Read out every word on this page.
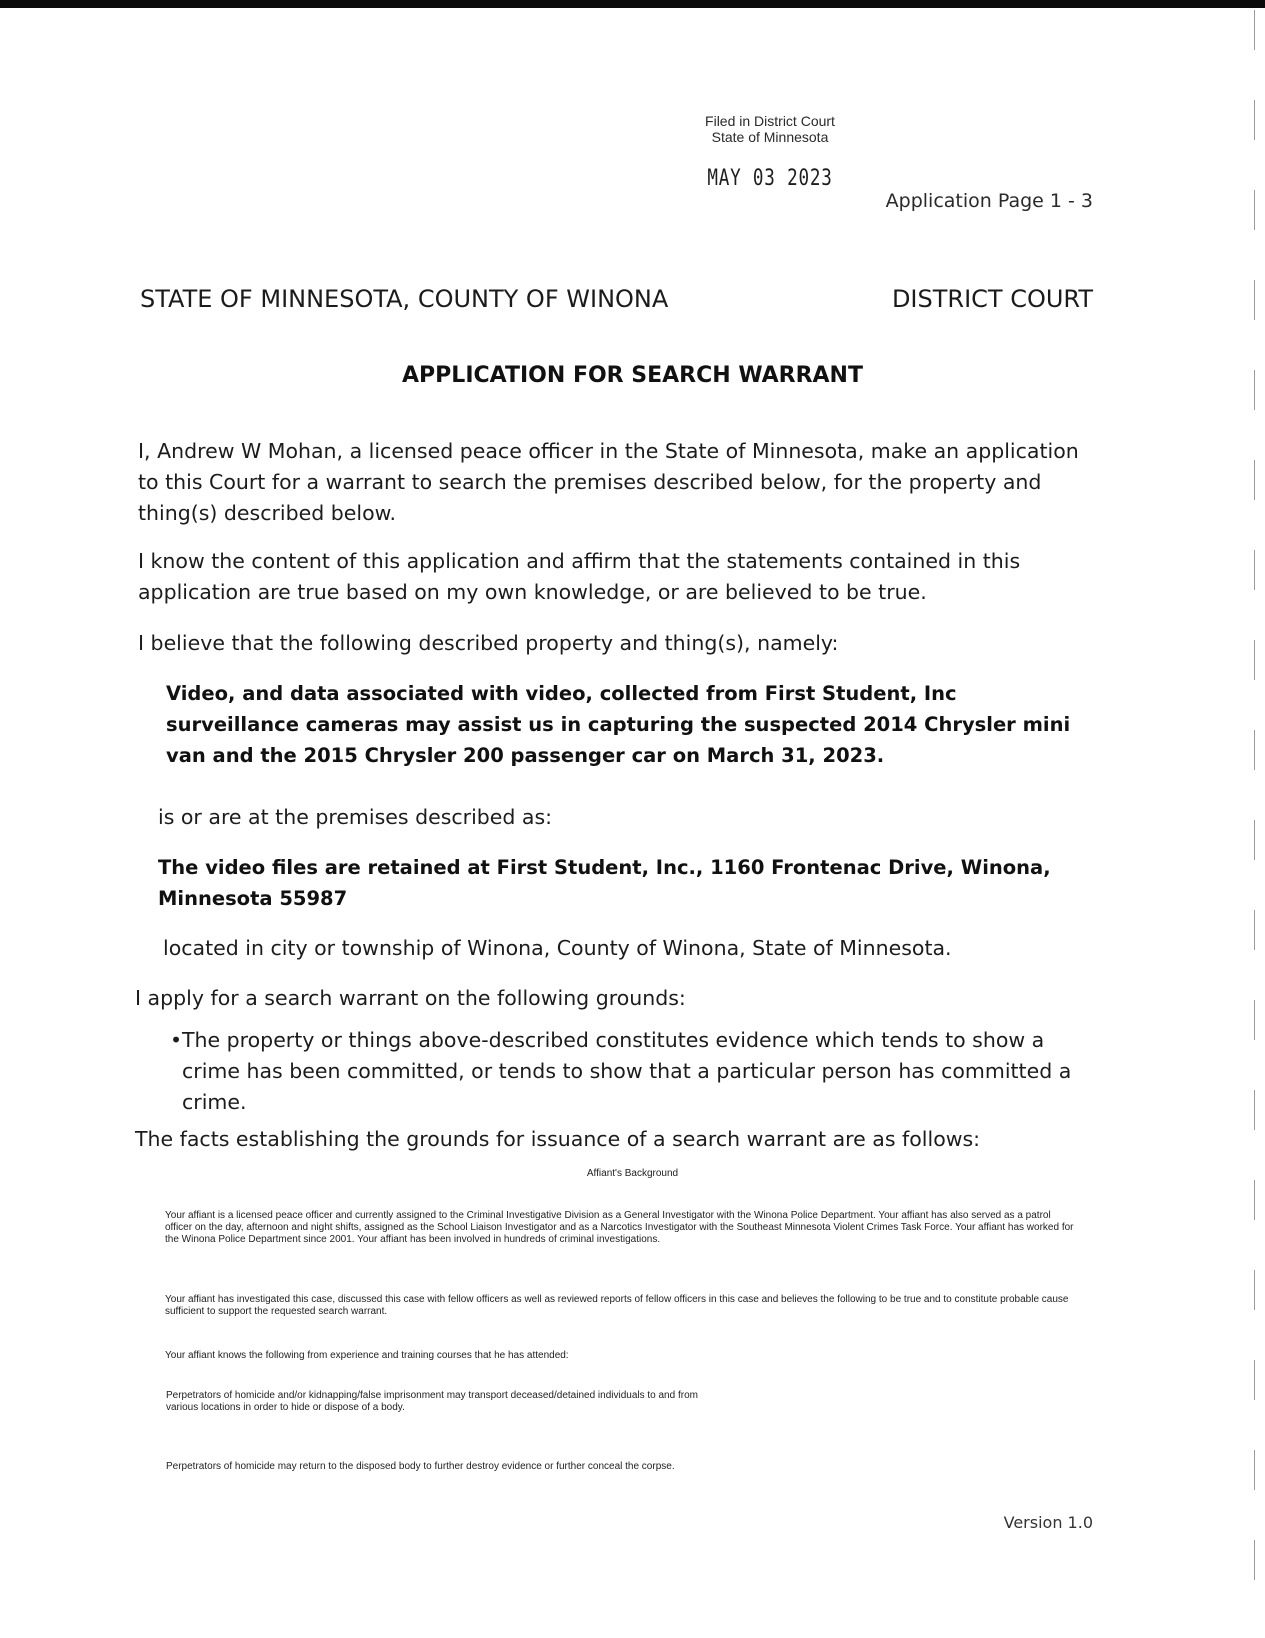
Filed in District Court
State of Minnesota
MAY 03 2023
Application Page 1 - 3
STATE OF MINNESOTA, COUNTY OF WINONA	DISTRICT COURT
APPLICATION FOR SEARCH WARRANT
I, Andrew W Mohan, a licensed peace officer in the State of Minnesota, make an application to this Court for a warrant to search the premises described below, for the property and thing(s) described below.
I know the content of this application and affirm that the statements contained in this application are true based on my own knowledge, or are believed to be true.
I believe that the following described property and thing(s), namely:
Video, and data associated with video, collected from First Student, Inc surveillance cameras may assist us in capturing the suspected 2014 Chrysler mini van and the 2015 Chrysler 200 passenger car on March 31, 2023.
is or are at the premises described as:
The video files are retained at First Student, Inc., 1160 Frontenac Drive, Winona, Minnesota 55987
located in city or township of Winona, County of Winona, State of Minnesota.
I apply for a search warrant on the following grounds:
• The property or things above-described constitutes evidence which tends to show a crime has been committed, or tends to show that a particular person has committed a crime.
The facts establishing the grounds for issuance of a search warrant are as follows:
Affiant's Background
Your affiant is a licensed peace officer and currently assigned to the Criminal Investigative Division as a General Investigator with the Winona Police Department. Your affiant has also served as a patrol officer on the day, afternoon and night shifts, assigned as the School Liaison Investigator and as a Narcotics Investigator with the Southeast Minnesota Violent Crimes Task Force. Your affiant has worked for the Winona Police Department since 2001. Your affiant has been involved in hundreds of criminal investigations.
Your affiant has investigated this case, discussed this case with fellow officers as well as reviewed reports of fellow officers in this case and believes the following to be true and to constitute probable cause sufficient to support the requested search warrant.
Your affiant knows the following from experience and training courses that he has attended:
Perpetrators of homicide and/or kidnapping/false imprisonment may transport deceased/detained individuals to and from various locations in order to hide or dispose of a body.
Perpetrators of homicide may return to the disposed body to further destroy evidence or further conceal the corpse.
Version 1.0
